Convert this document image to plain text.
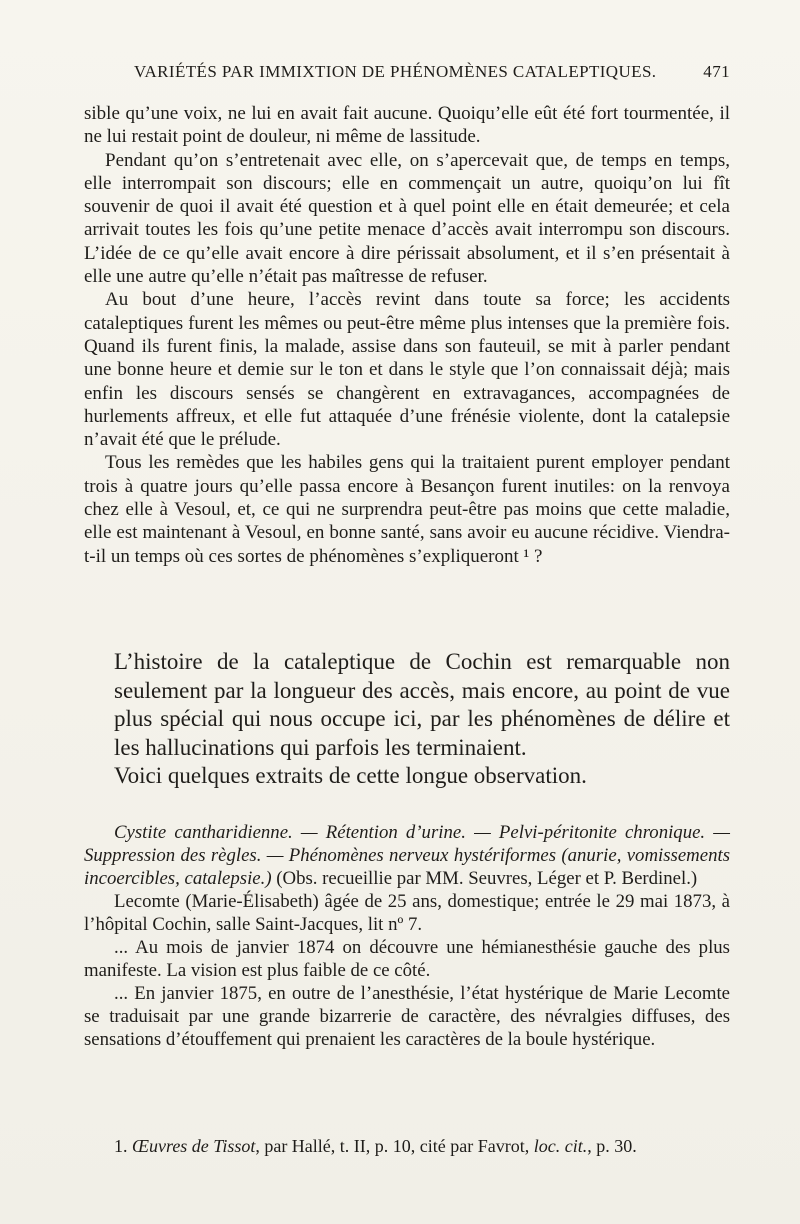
VARIÉTÉS PAR IMMIXTION DE PHÉNOMÈNES CATALEPTIQUES.	471

sible qu’une voix, ne lui en avait fait aucune. Quoiqu’elle eût été fort tourmentée, il ne lui restait point de douleur, ni même de lassitude.

Pendant qu’on s’entretenait avec elle, on s’apercevait que, de temps en temps, elle interrompait son discours; elle en commençait un autre, quoiqu’on lui fît souvenir de quoi il avait été question et à quel point elle en était demeurée; et cela arrivait toutes les fois qu’une petite menace d’accès avait interrompu son discours. L’idée de ce qu’elle avait encore à dire périssait absolument, et il s’en présentait à elle une autre qu’elle n’était pas maîtresse de refuser.

Au bout d’une heure, l’accès revint dans toute sa force; les accidents cataleptiques furent les mêmes ou peut-être même plus intenses que la première fois. Quand ils furent finis, la malade, assise dans son fauteuil, se mit à parler pendant une bonne heure et demie sur le ton et dans le style que l’on connaissait déjà; mais enfin les discours sensés se changèrent en extravagances, accompagnées de hurlements affreux, et elle fut attaquée d’une frénésie violente, dont la catalepsie n’avait été que le prélude.

Tous les remèdes que les habiles gens qui la traitaient purent employer pendant trois à quatre jours qu’elle passa encore à Besançon furent inutiles: on la renvoya chez elle à Vesoul, et, ce qui ne surprendra peut-être pas moins que cette maladie, elle est maintenant à Vesoul, en bonne santé, sans avoir eu aucune récidive. Viendra-t-il un temps où ces sortes de phénomènes s’expliqueront ¹ ?

L’histoire de la cataleptique de Cochin est remarquable non seulement par la longueur des accès, mais encore, au point de vue plus spécial qui nous occupe ici, par les phénomènes de délire et les hallucinations qui parfois les terminaient.

Voici quelques extraits de cette longue observation.

Cystite cantharidienne. — Rétention d’urine. — Pelvi-péritonite chronique. — Suppression des règles. — Phénomènes nerveux hystériformes (anurie, vomissements incoercibles, catalepsie.) (Obs. recueillie par MM. Seuvres, Léger et P. Berdinel.)

Lecomte (Marie-Élisabeth) âgée de 25 ans, domestique; entrée le 29 mai 1873, à l’hôpital Cochin, salle Saint-Jacques, lit nº 7.

... Au mois de janvier 1874 on découvre une hémianesthésie gauche des plus manifeste. La vision est plus faible de ce côté.

... En janvier 1875, en outre de l’anesthésie, l’état hystérique de Marie Lecomte se traduisait par une grande bizarrerie de caractère, des névralgies diffuses, des sensations d’étouffement qui prenaient les caractères de la boule hystérique.

1. Œuvres de Tissot, par Hallé, t. II, p. 10, cité par Favrot, loc. cit., p. 30.
